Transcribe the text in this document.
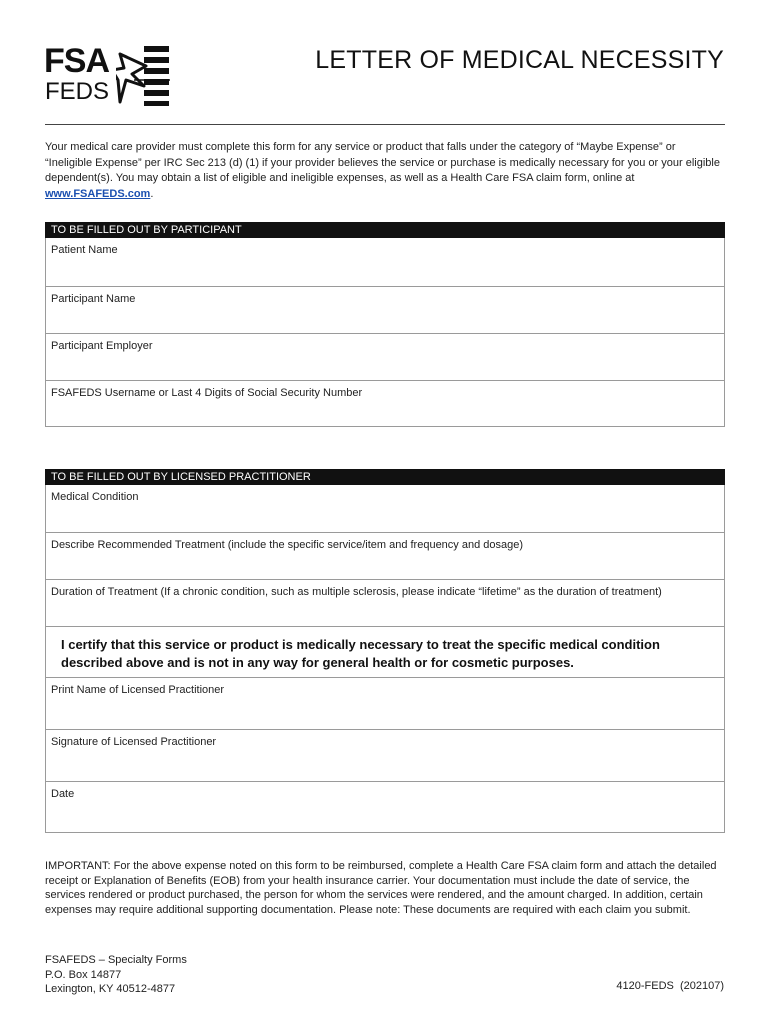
FSA
FEDS
LETTER OF MEDICAL NECESSITY
Your medical care provider must complete this form for any service or product that falls under the category of “Maybe Expense” or “Ineligible Expense” per IRC Sec 213 (d) (1) if your provider believes the service or purchase is medically necessary for you or your eligible dependent(s). You may obtain a list of eligible and ineligible expenses, as well as a Health Care FSA claim form, online at www.FSAFEDS.com.
TO BE FILLED OUT BY PARTICIPANT
Patient Name
Participant Name
Participant Employer
FSAFEDS Username or Last 4 Digits of Social Security Number
TO BE FILLED OUT BY LICENSED PRACTITIONER
Medical Condition
Describe Recommended Treatment (include the specific service/item and frequency and dosage)
Duration of Treatment (If a chronic condition, such as multiple sclerosis, please indicate “lifetime” as the duration of treatment)
I certify that this service or product is medically necessary to treat the specific medical condition described above and is not in any way for general health or for cosmetic purposes.
Print Name of Licensed Practitioner
Signature of Licensed Practitioner
Date
IMPORTANT: For the above expense noted on this form to be reimbursed, complete a Health Care FSA claim form and attach the detailed receipt or Explanation of Benefits (EOB) from your health insurance carrier. Your documentation must include the date of service, the services rendered or product purchased, the person for whom the services were rendered, and the amount charged. In addition, certain expenses may require additional supporting documentation. Please note: These documents are required with each claim you submit.
FSAFEDS – Specialty Forms
P.O. Box 14877
Lexington, KY 40512-4877	4120-FEDS  (202107)
